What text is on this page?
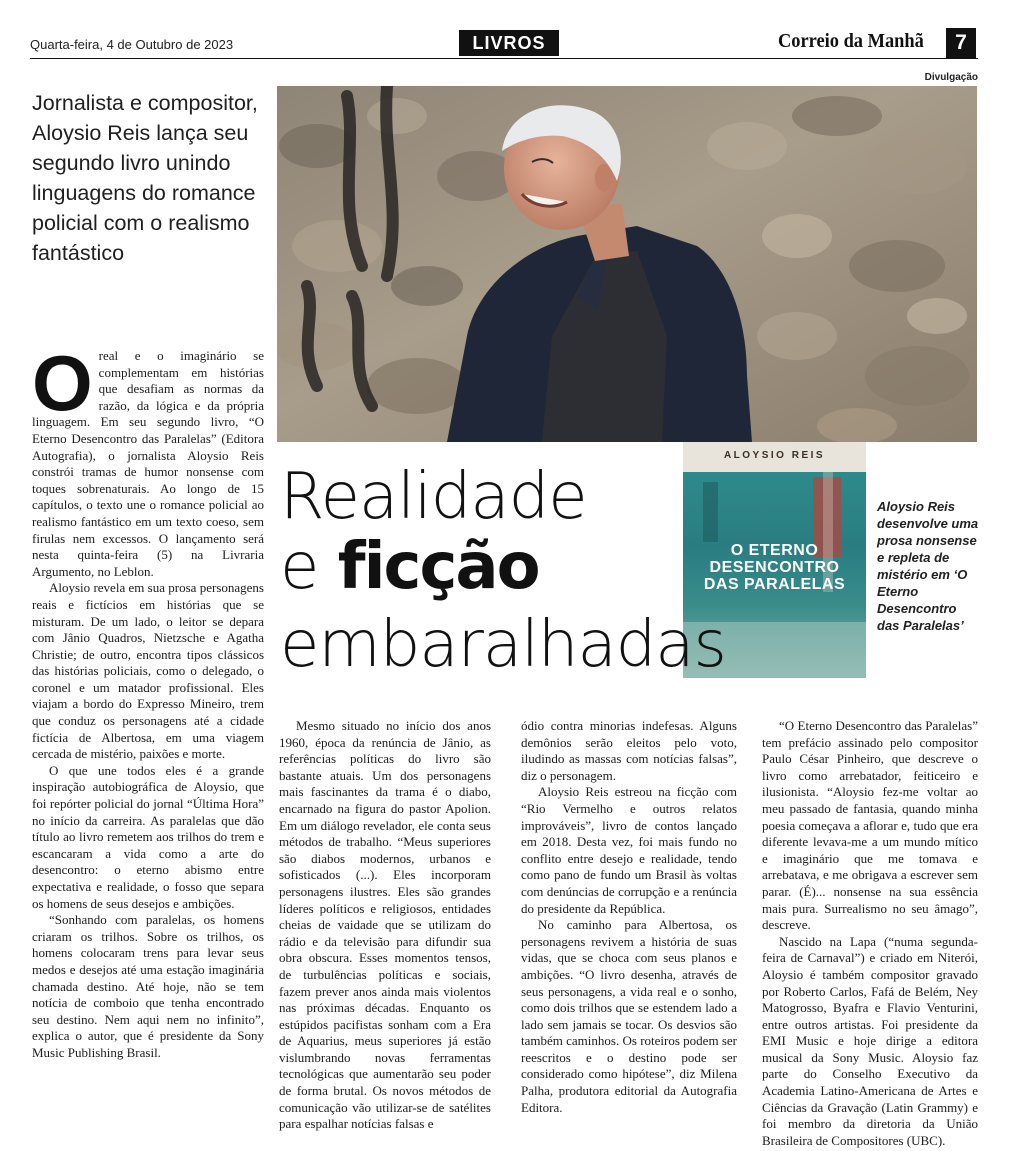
Quarta-feira, 4 de Outubro de 2023	LIVROS	Correio da Manhã	7
Divulgação
Jornalista e compositor, Aloysio Reis lança seu segundo livro unindo linguagens do romance policial com o realismo fantástico
ALOYSIO REIS
O ETERNO
DESENCONTRO
DAS PARALELAS
Aloysio Reis desenvolve uma prosa nonsense e repleta de mistério em ‘O Eterno Desencontro das Paralelas’
Realidade
e ficção
embaralhadas

Oreal e o imaginário se complementam em histórias que desafiam as normas da razão, da lógica e da própria linguagem. Em seu segundo livro, “O Eterno Desencontro das Paralelas” (Editora Autografia), o jornalista Aloysio Reis constrói tramas de humor nonsense com toques sobrenaturais. Ao longo de 15 capítulos, o texto une o romance policial ao realismo fantástico em um texto coeso, sem firulas nem excessos. O lançamento será nesta quinta-feira (5) na Livraria Argumento, no Leblon.

Aloysio revela em sua prosa personagens reais e fictícios em histórias que se misturam. De um lado, o leitor se depara com Jânio Quadros, Nietzsche e Agatha Christie; de outro, encontra tipos clássicos das histórias policiais, como o delegado, o coronel e um matador profissional. Eles viajam a bordo do Expresso Mineiro, trem que conduz os personagens até a cidade fictícia de Albertosa, em uma viagem cercada de mistério, paixões e morte.

O que une todos eles é a grande inspiração autobiográfica de Aloysio, que foi repórter policial do jornal “Última Hora” no início da carreira. As paralelas que dão título ao livro remetem aos trilhos do trem e escancaram a vida como a arte do desencontro: o eterno abismo entre expectativa e realidade, o fosso que separa os homens de seus desejos e ambições.

“Sonhando com paralelas, os homens criaram os trilhos. Sobre os trilhos, os homens colocaram trens para levar seus medos e desejos até uma estação imaginária chamada destino. Até hoje, não se tem notícia de comboio que tenha encontrado seu destino. Nem aqui nem no infinito”, explica o autor, que é presidente da Sony Music Publishing Brasil.

Mesmo situado no início dos anos 1960, época da renúncia de Jânio, as referências políticas do livro são bastante atuais. Um dos personagens mais fascinantes da trama é o diabo, encarnado na figura do pastor Apolion. Em um diálogo revelador, ele conta seus métodos de trabalho. “Meus superiores são diabos modernos, urbanos e sofisticados (...). Eles incorporam personagens ilustres. Eles são grandes líderes políticos e religiosos, entidades cheias de vaidade que se utilizam do rádio e da televisão para difundir sua obra obscura. Esses momentos tensos, de turbulências políticas e sociais, fazem prever anos ainda mais violentos nas próximas décadas. Enquanto os estúpidos pacifistas sonham com a Era de Aquarius, meus superiores já estão vislumbrando novas ferramentas tecnológicas que aumentarão seu poder de forma brutal. Os novos métodos de comunicação vão utilizar-se de satélites para espalhar notícias falsas e

ódio contra minorias indefesas. Alguns demônios serão eleitos pelo voto, iludindo as massas com notícias falsas”, diz o personagem.

Aloysio Reis estreou na ficção com “Rio Vermelho e outros relatos improváveis”, livro de contos lançado em 2018. Desta vez, foi mais fundo no conflito entre desejo e realidade, tendo como pano de fundo um Brasil às voltas com denúncias de corrupção e a renúncia do presidente da República.

No caminho para Albertosa, os personagens revivem a história de suas vidas, que se choca com seus planos e ambições. “O livro desenha, através de seus personagens, a vida real e o sonho, como dois trilhos que se estendem lado a lado sem jamais se tocar. Os desvios são também caminhos. Os roteiros podem ser reescritos e o destino pode ser considerado como hipótese”, diz Milena Palha, produtora editorial da Autografia Editora.

“O Eterno Desencontro das Paralelas” tem prefácio assinado pelo compositor Paulo César Pinheiro, que descreve o livro como arrebatador, feiticeiro e ilusionista. “Aloysio fez-me voltar ao meu passado de fantasia, quando minha poesia começava a aflorar e, tudo que era diferente levava-me a um mundo mítico e imaginário que me tomava e arrebatava, e me obrigava a escrever sem parar. (É)... nonsense na sua essência mais pura. Surrealismo no seu âmago”, descreve.

Nascido na Lapa (“numa segunda-feira de Carnaval”) e criado em Niterói, Aloysio é também compositor gravado por Roberto Carlos, Fafá de Belém, Ney Matogrosso, Byafra e Flavio Venturini, entre outros artistas. Foi presidente da EMI Music e hoje dirige a editora musical da Sony Music. Aloysio faz parte do Conselho Executivo da Academia Latino-Americana de Artes e Ciências da Gravação (Latin Grammy) e foi membro da diretoria da União Brasileira de Compositores (UBC).
